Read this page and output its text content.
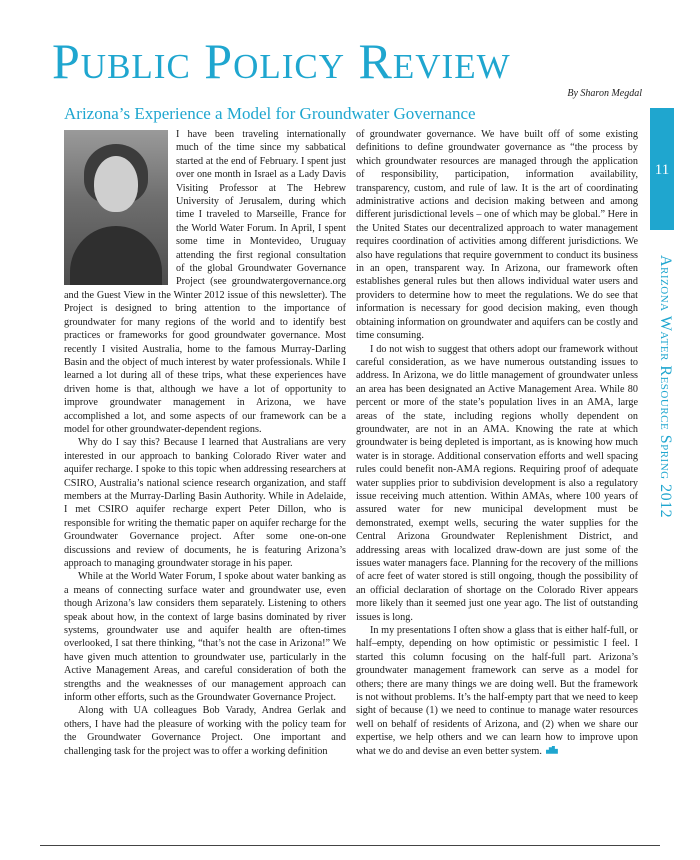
Public Policy Review
By Sharon Megdal
Arizona’s Experience a Model for Groundwater Governance
11
Arizona Water Resource Spring 2012

I have been traveling internationally much of the time since my sabbatical started at the end of February. I spent just over one month in Israel as a Lady Davis Visiting Professor at The Hebrew University of Jerusalem, during which time I traveled to Marseille, France for the World Water Forum. In April, I spent some time in Montevideo, Uruguay attending the first regional consultation of the global Groundwater Governance Project (see groundwatergovernance.org and the Guest View in the Winter 2012 issue of this newsletter). The Project is designed to bring attention to the importance of groundwater for many regions of the world and to identify best practices or frameworks for good groundwater governance. Most recently I visited Australia, home to the famous Murray-Darling Basin and the object of much interest by water professionals. While I learned a lot during all of these trips, what these experiences have driven home is that, although we have a lot of opportunity to improve groundwater management in Arizona, we have accomplished a lot, and some aspects of our framework can be a model for other groundwater-dependent regions.

Why do I say this? Because I learned that Australians are very interested in our approach to banking Colorado River water and aquifer recharge. I spoke to this topic when addressing researchers at CSIRO, Australia’s national science research organization, and staff members at the Murray-Darling Basin Authority. While in Adelaide, I met CSIRO aquifer recharge expert Peter Dillon, who is responsible for writing the thematic paper on aquifer recharge for the Groundwater Governance project. After some one-on-one discussions and review of documents, he is featuring Arizona’s approach to managing groundwater storage in his paper.

While at the World Water Forum, I spoke about water banking as a means of connecting surface water and groundwater use, even though Arizona’s law considers them separately. Listening to others speak about how, in the context of large basins dominated by river systems, groundwater use and aquifer health are often-times overlooked, I sat there thinking, “that’s not the case in Arizona!” We have given much attention to groundwater use, particularly in the Active Management Areas, and careful consideration of both the strengths and the weaknesses of our management approach can inform other efforts, such as the Groundwater Governance Project.

Along with UA colleagues Bob Varady, Andrea Gerlak and others, I have had the pleasure of working with the policy team for the Groundwater Governance Project. One important and challenging task for the project was to offer a working definition

of groundwater governance. We have built off of some existing definitions to define groundwater governance as “the process by which groundwater resources are managed through the application of responsibility, participation, information availability, transparency, custom, and rule of law. It is the art of coordinating administrative actions and decision making between and among different jurisdictional levels – one of which may be global.” Here in the United States our decentralized approach to water management requires coordination of activities among different jurisdictions. We also have regulations that require government to conduct its business in an open, transparent way. In Arizona, our framework often establishes general rules but then allows individual water users and providers to determine how to meet the regulations. We do see that information is necessary for good decision making, even though obtaining information on groundwater and aquifers can be costly and time consuming.

I do not wish to suggest that others adopt our framework without careful consideration, as we have numerous outstanding issues to address. In Arizona, we do little management of groundwater unless an area has been designated an Active Management Area. While 80 percent or more of the state’s population lives in an AMA, large areas of the state, including regions wholly dependent on groundwater, are not in an AMA. Knowing the rate at which groundwater is being depleted is important, as is knowing how much water is in storage. Additional conservation efforts and well spacing rules could benefit non-AMA regions. Requiring proof of adequate water supplies prior to subdivision development is also a regulatory issue receiving much attention. Within AMAs, where 100 years of assured water for new municipal development must be demonstrated, exempt wells, securing the water supplies for the Central Arizona Groundwater Replenishment District, and addressing areas with localized draw-down are just some of the issues water managers face. Planning for the recovery of the millions of acre feet of water stored is still ongoing, though the possibility of an official declaration of shortage on the Colorado River appears more likely than it seemed just one year ago. The list of outstanding issues is long.

In my presentations I often show a glass that is either half-full, or half–empty, depending on how optimistic or pessimistic I feel. I started this column focusing on the half-full part. Arizona’s groundwater management framework can serve as a model for others; there are many things we are doing well. But the framework is not without problems. It’s the half-empty part that we need to keep sight of because (1) we need to continue to manage water resources well on behalf of residents of Arizona, and (2) when we share our expertise, we help others and we can learn how to improve upon what we do and devise an even better system.
